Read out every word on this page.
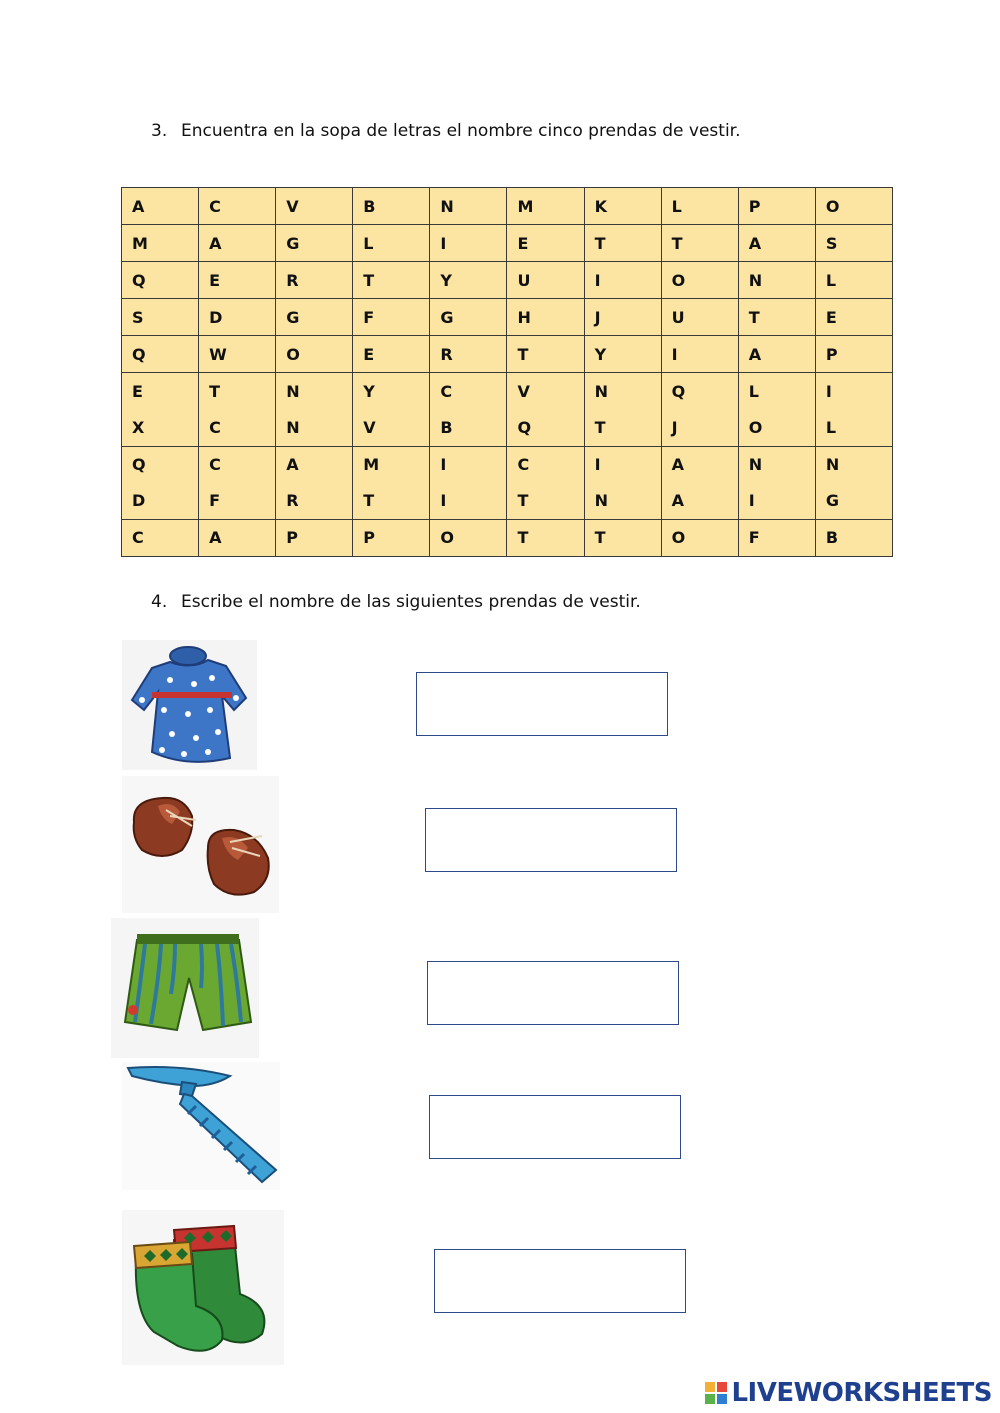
3. Encuentra en la sopa de letras el nombre cinco prendas de vestir.
A	C	V	B	N	M	K	L	P	O
M	A	G	L	I	E	T	T	A	S
Q	E	R	T	Y	U	I	O	N	L
S	D	G	F	G	H	J	U	T	E
Q	W	O	E	R	T	Y	I	A	P
E	T	N	Y	C	V	N	Q	L	I
X	C	N	V	B	Q	T	J	O	L
Q	C	A	M	I	C	I	A	N	N
D	F	R	T	I	T	N	A	I	G
C	A	P	P	O	T	T	O	F	B
4. Escribe el nombre de las siguientes prendas de vestir.
LIVEWORKSHEETS
